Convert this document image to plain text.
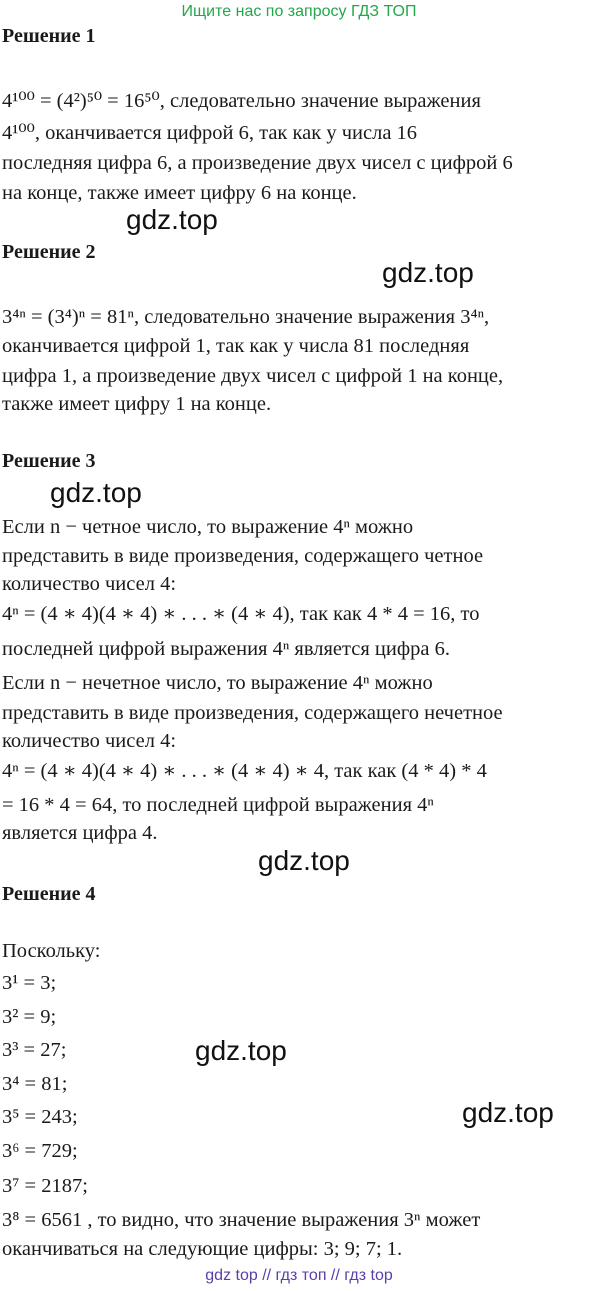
Ищите нас по запросу ГДЗ ТОП
Решение 1
4¹⁰⁰ = (4²)⁵⁰ = 16⁵⁰, следовательно значение выражения
4¹⁰⁰, оканчивается цифрой 6, так как у числа 16
последняя цифра 6, а произведение двух чисел с цифрой 6
на конце, также имеет цифру 6 на конце.
Решение 2
3⁴ⁿ = (3⁴)ⁿ = 81ⁿ, следовательно значение выражения 3⁴ⁿ,
оканчивается цифрой 1, так как у числа 81 последняя
цифра 1, а произведение двух чисел с цифрой 1 на конце,
также имеет цифру 1 на конце.
Решение 3
Если n − четное число, то выражение 4ⁿ можно
представить в виде произведения, содержащего четное
количество чисел 4:
4ⁿ = (4 ∗ 4)(4 ∗ 4) ∗ . . . ∗ (4 ∗ 4), так как 4 * 4 = 16, то
последней цифрой выражения 4ⁿ является цифра 6.
Если n − нечетное число, то выражение 4ⁿ можно
представить в виде произведения, содержащего нечетное
количество чисел 4:
4ⁿ = (4 ∗ 4)(4 ∗ 4) ∗ . . . ∗ (4 ∗ 4) ∗ 4, так как (4 * 4) * 4
= 16 * 4 = 64, то последней цифрой выражения 4ⁿ
является цифра 4.
Решение 4
Поскольку:
3¹ = 3;
3² = 9;
3³ = 27;
3⁴ = 81;
3⁵ = 243;
3⁶ = 729;
3⁷ = 2187;
3⁸ = 6561 , то видно, что значение выражения 3ⁿ может
оканчиваться на следующие цифры: 3; 9; 7; 1.
gdz.top
gdz.top
gdz.top
gdz.top
gdz.top
gdz.top
gdz top // гдз топ // гдз top
